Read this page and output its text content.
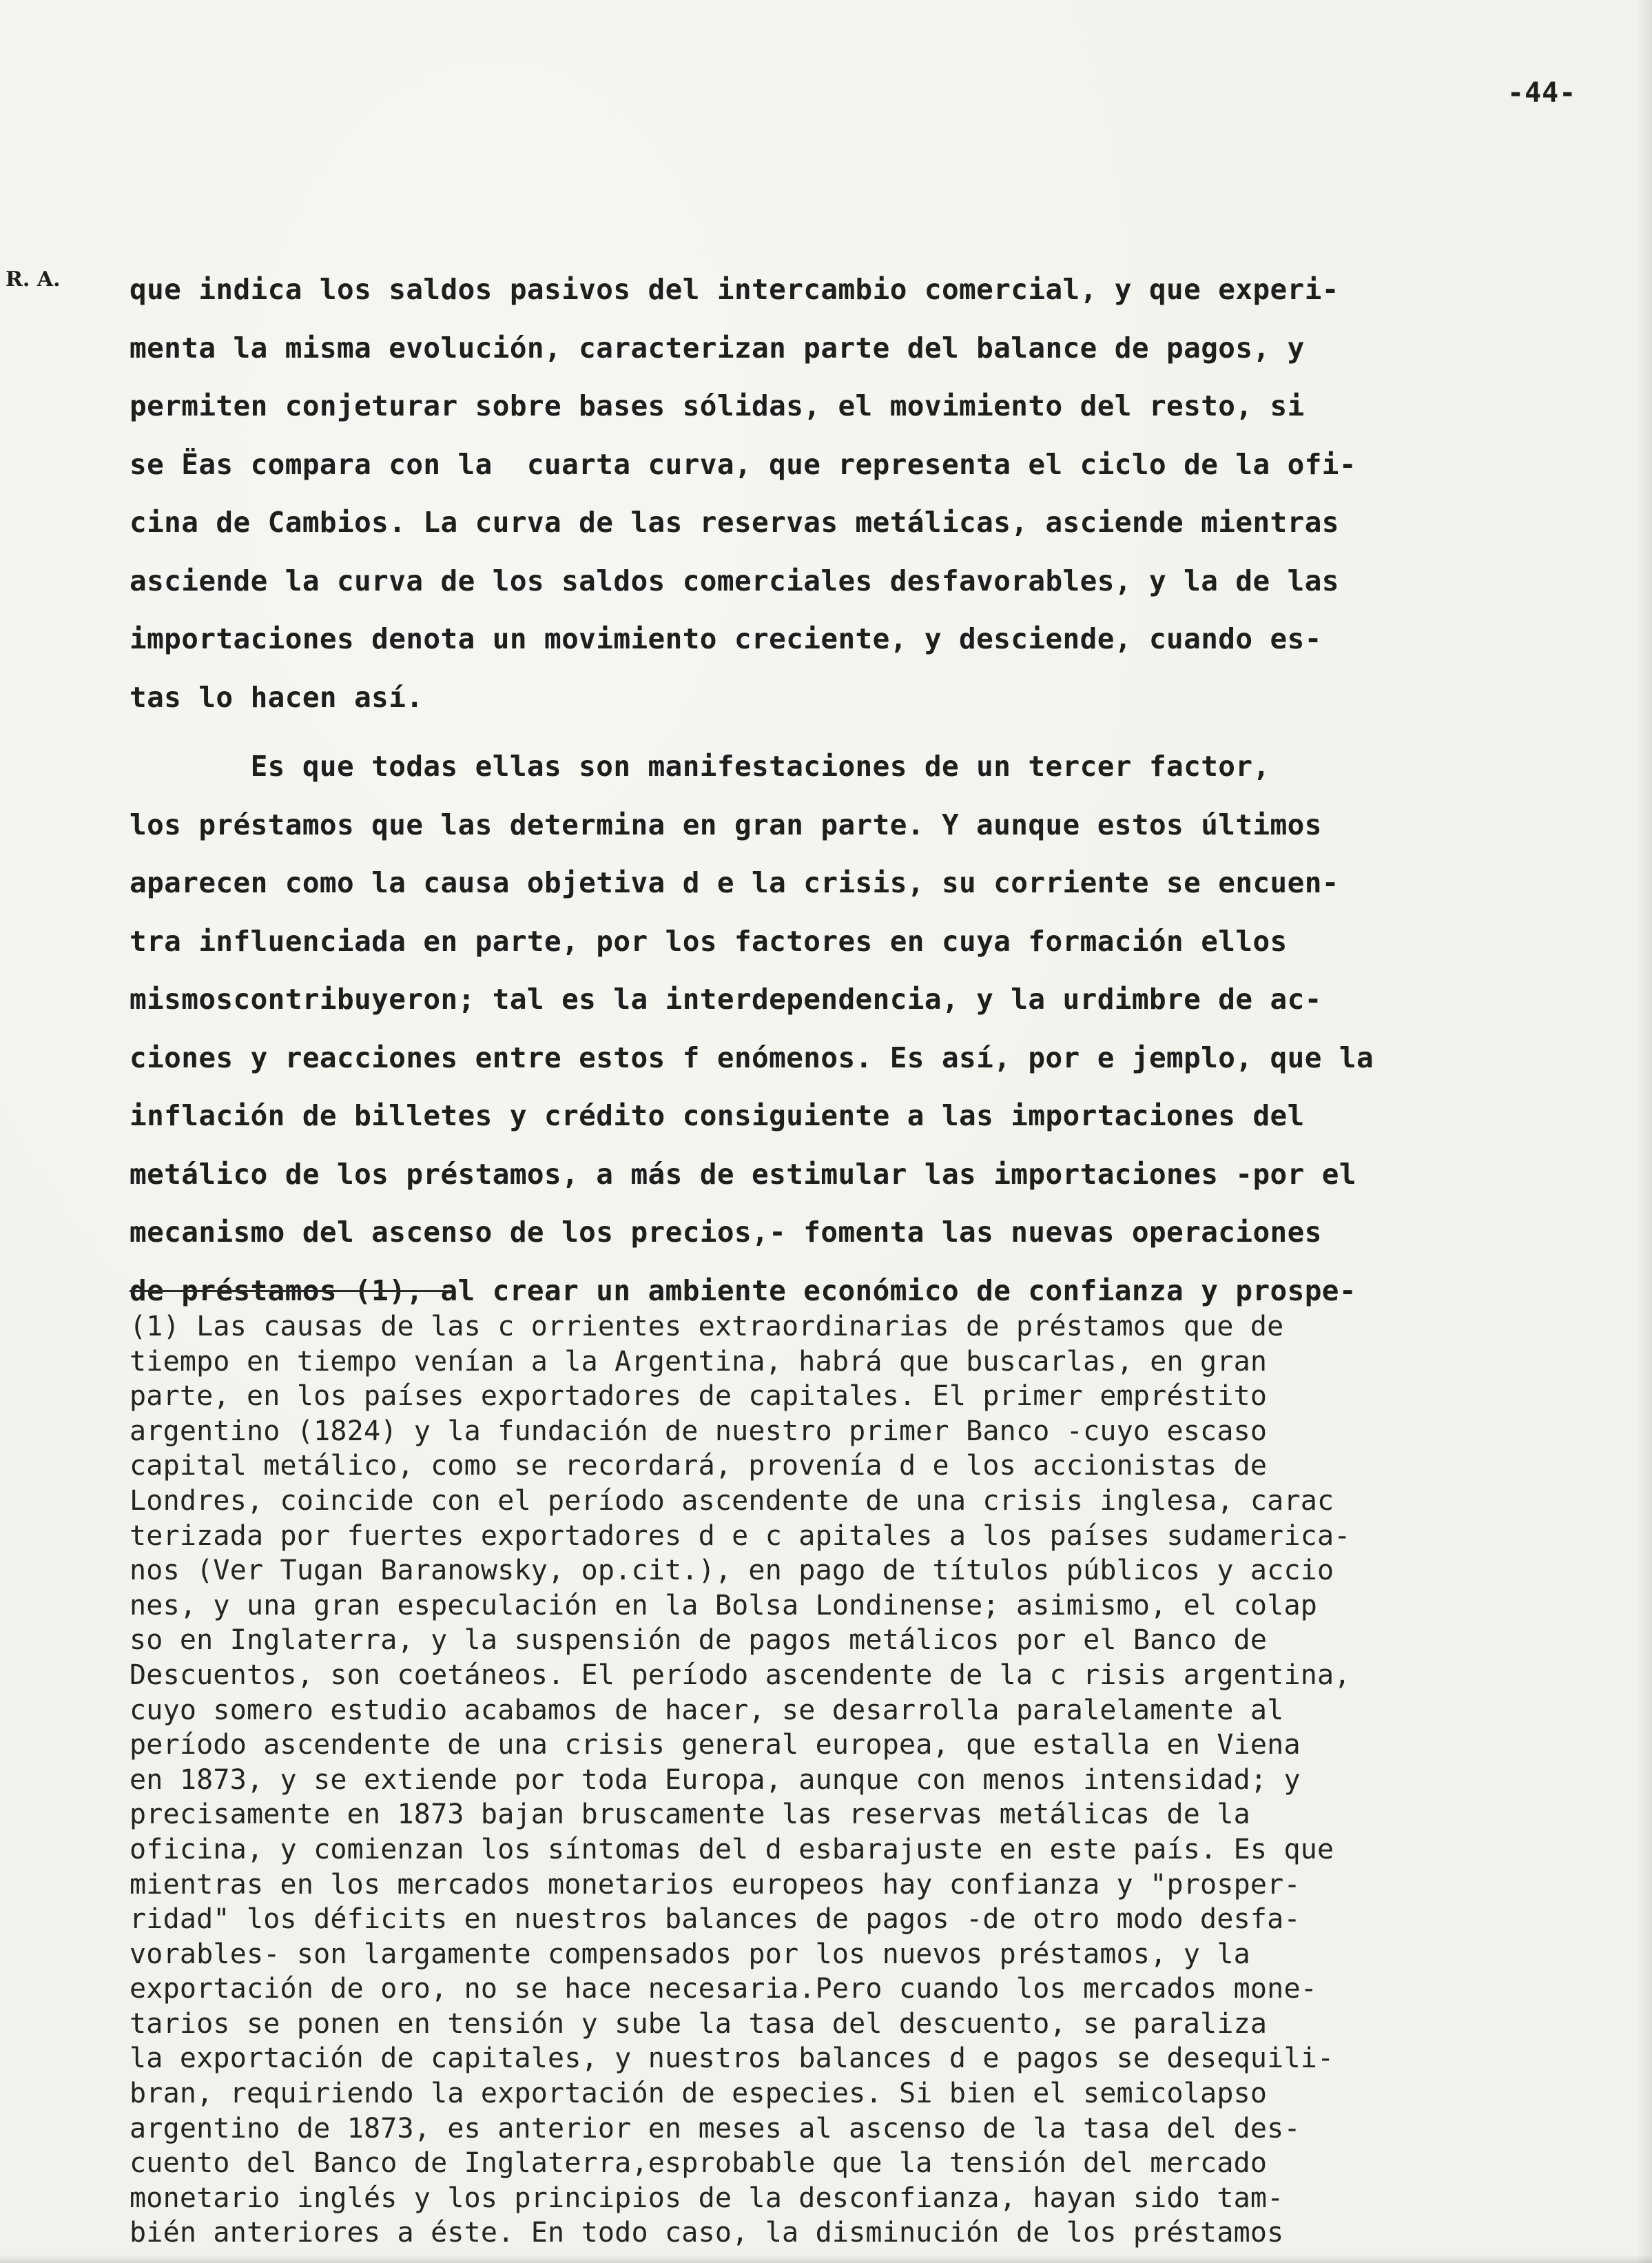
-44-
R. A. que indica los saldos pasivos del intercambio comercial, y que experi-
menta la misma evolución, caracterizan parte del balance de pagos, y
permiten conjeturar sobre bases sólidas, el movimiento del resto, si
se Ëas compara con la  cuarta curva, que representa el ciclo de la ofi-
cina de Cambios. La curva de las reservas metálicas, asciende mientras
asciende la curva de los saldos comerciales desfavorables, y la de las
importaciones denota un movimiento creciente, y desciende, cuando es-
tas lo hacen así.
Es que todas ellas son manifestaciones de un tercer factor,
los préstamos que las determina en gran parte. Y aunque estos últimos
aparecen como la causa objetiva d e la crisis, su corriente se encuen-
tra influenciada en parte, por los factores en cuya formación ellos
mismoscontribuyeron; tal es la interdependencia, y la urdimbre de ac-
ciones y reacciones entre estos f enómenos. Es así, por e jemplo, que la
inflación de billetes y crédito consiguiente a las importaciones del
metálico de los préstamos, a más de estimular las importaciones -por el
mecanismo del ascenso de los precios,- fomenta las nuevas operaciones
de préstamos (1), al crear un ambiente económico de confianza y prospe-
(1) Las causas de las c orrientes extraordinarias de préstamos que de
tiempo en tiempo venían a la Argentina, habrá que buscarlas, en gran
parte, en los países exportadores de capitales. El primer empréstito
argentino (1824) y la fundación de nuestro primer Banco -cuyo escaso
capital metálico, como se recordará, provenía d e los accionistas de
Londres, coincide con el período ascendente de una crisis inglesa, carac
terizada por fuertes exportadores d e c apitales a los países sudamerica-
nos (Ver Tugan Baranowsky, op.cit.), en pago de títulos públicos y accio
nes, y una gran especulación en la Bolsa Londinense; asimismo, el colap
so en Inglaterra, y la suspensión de pagos metálicos por el Banco de
Descuentos, son coetáneos. El período ascendente de la c risis argentina,
cuyo somero estudio acabamos de hacer, se desarrolla paralelamente al
período ascendente de una crisis general europea, que estalla en Viena
en 1873, y se extiende por toda Europa, aunque con menos intensidad; y
precisamente en 1873 bajan bruscamente las reservas metálicas de la
oficina, y comienzan los síntomas del d esbarajuste en este país. Es que
mientras en los mercados monetarios europeos hay confianza y "prosper-
ridad" los déficits en nuestros balances de pagos -de otro modo desfa-
vorables- son largamente compensados por los nuevos préstamos, y la
exportación de oro, no se hace necesaria.Pero cuando los mercados mone-
tarios se ponen en tensión y sube la tasa del descuento, se paraliza
la exportación de capitales, y nuestros balances d e pagos se desequili-
bran, requiriendo la exportación de especies. Si bien el semicolapso
argentino de 1873, es anterior en meses al ascenso de la tasa del des-
cuento del Banco de Inglaterra,esprobable que la tensión del mercado
monetario inglés y los principios de la desconfianza, hayan sido tam-
bién anteriores a éste. En todo caso, la disminución de los préstamos
